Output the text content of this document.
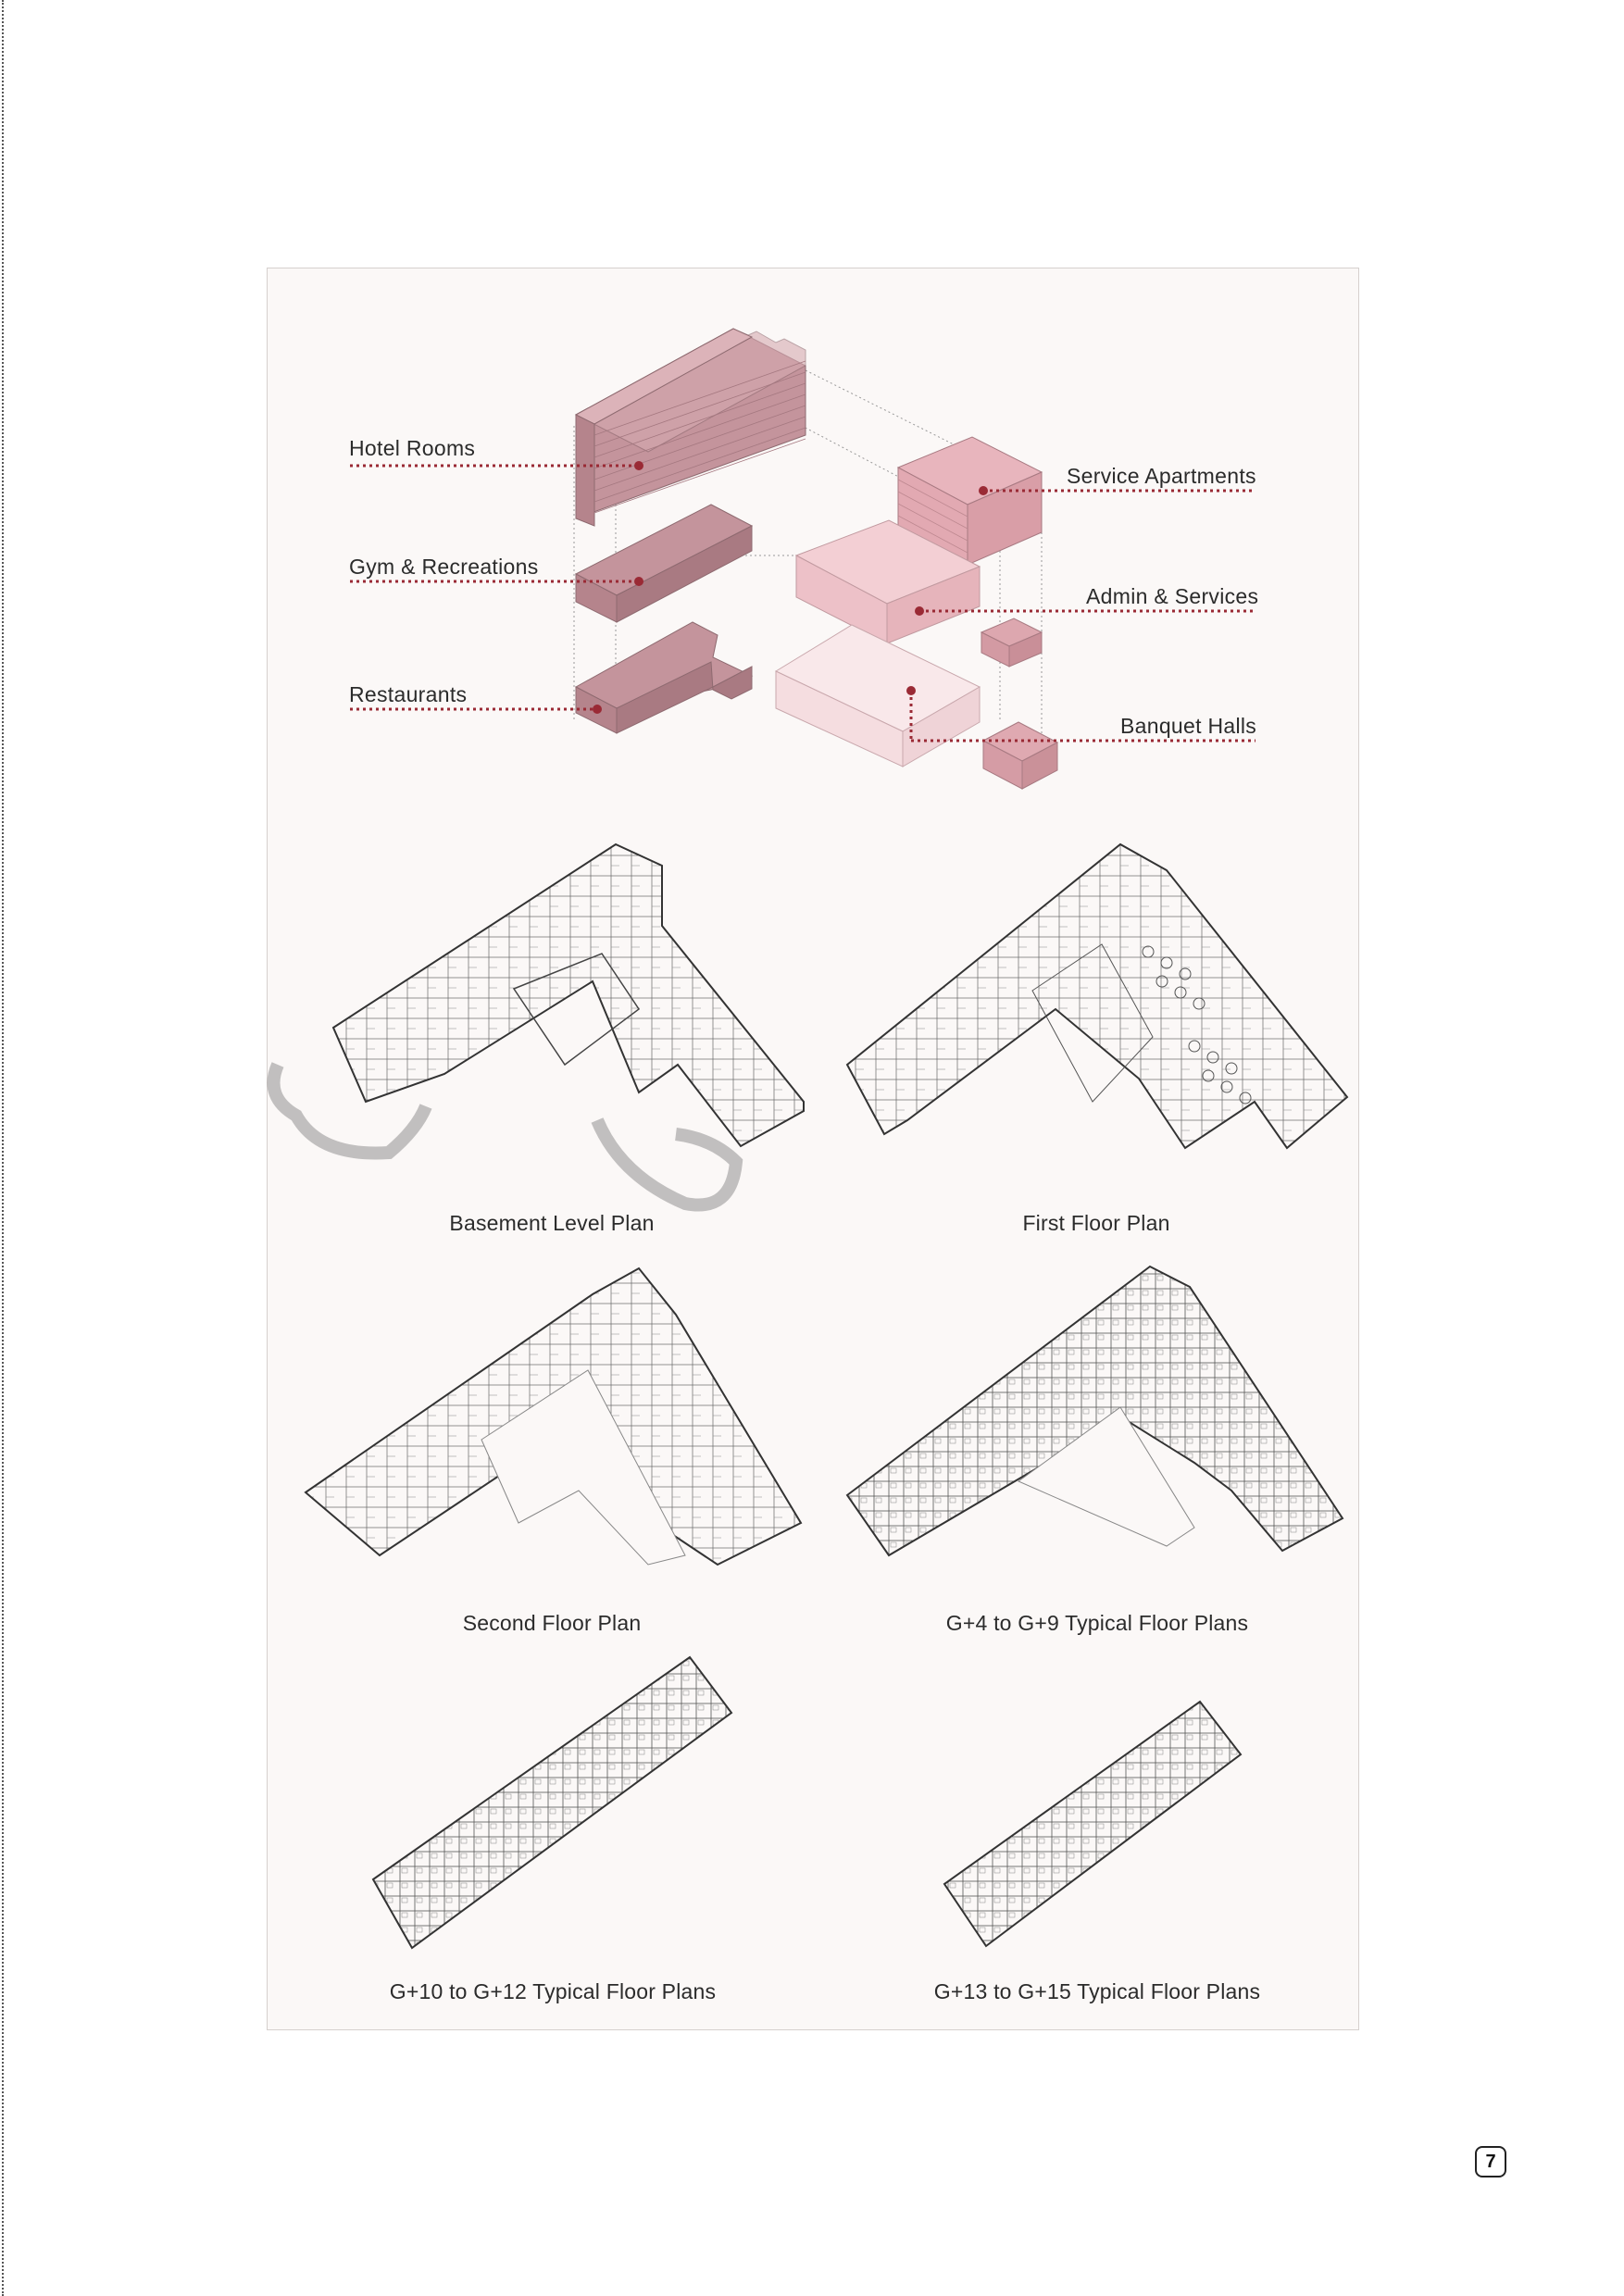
Hotel Rooms
Service Apartments
Gym & Recreations
Admin & Services
Restaurants
Banquet Halls
Basement Level Plan	First Floor Plan
Second Floor Plan	G+4 to G+9 Typical Floor Plans
G+10 to G+12 Typical Floor Plans	G+13 to G+15 Typical Floor Plans
7
